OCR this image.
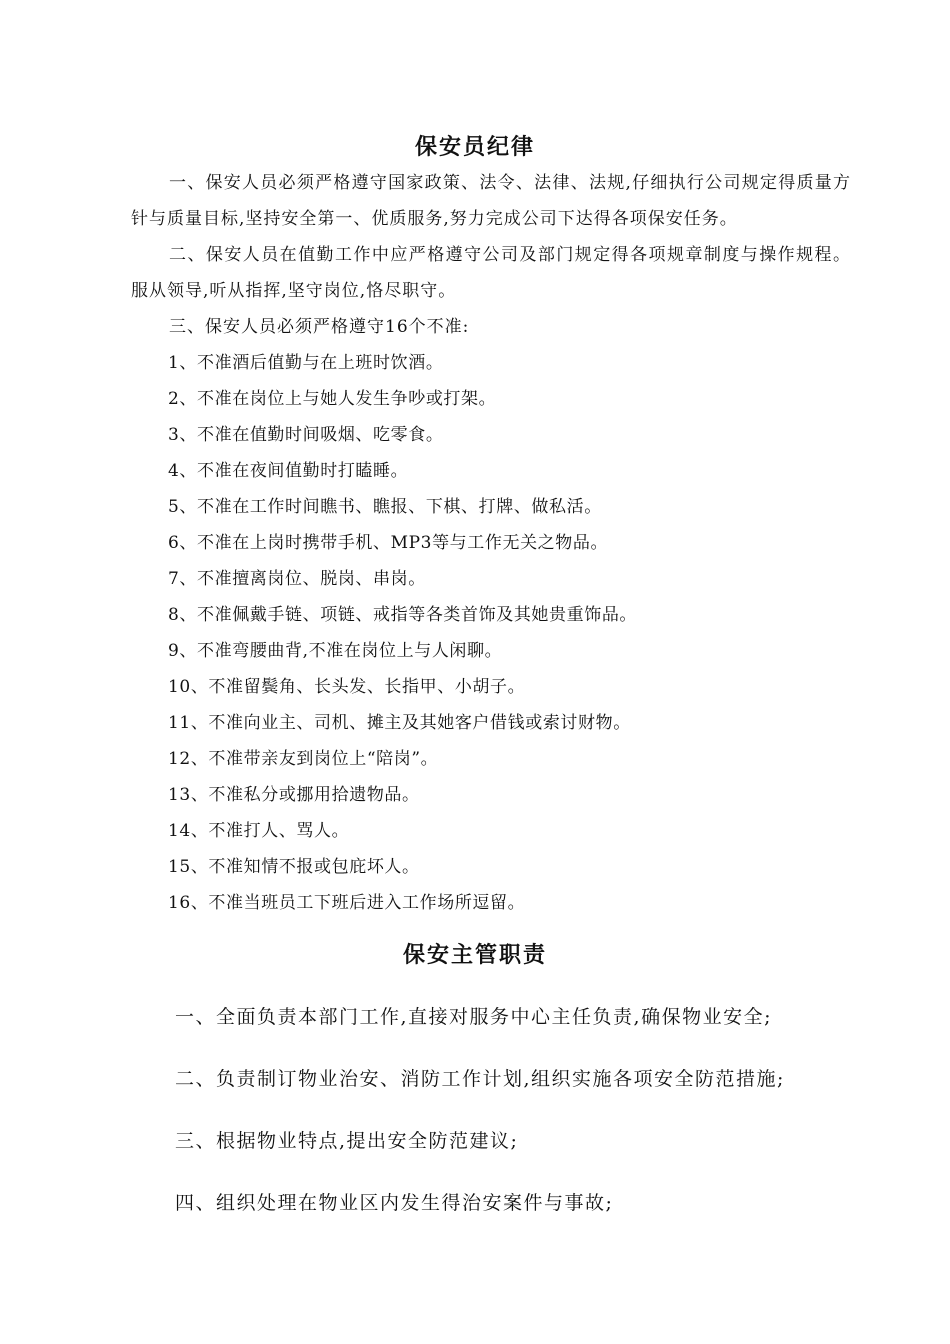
保安员纪律
一、保安人员必须严格遵守国家政策、法令、法律、法规,仔细执行公司规定得质量方针与质量目标,坚持安全第一、优质服务,努力完成公司下达得各项保安任务。
二、保安人员在值勤工作中应严格遵守公司及部门规定得各项规章制度与操作规程。服从领导,听从指挥,坚守岗位,恪尽职守。
三、保安人员必须严格遵守16个不准:
1、不准酒后值勤与在上班时饮酒。
2、不准在岗位上与她人发生争吵或打架。
3、不准在值勤时间吸烟、吃零食。
4、不准在夜间值勤时打瞌睡。
5、不准在工作时间瞧书、瞧报、下棋、打牌、做私活。
6、不准在上岗时携带手机、MP3等与工作无关之物品。
7、不准擅离岗位、脱岗、串岗。
8、不准佩戴手链、项链、戒指等各类首饰及其她贵重饰品。
9、不准弯腰曲背,不准在岗位上与人闲聊。
10、不准留鬓角、长头发、长指甲、小胡子。
11、不准向业主、司机、摊主及其她客户借钱或索讨财物。
12、不准带亲友到岗位上“陪岗”。
13、不准私分或挪用拾遗物品。
14、不准打人、骂人。
15、不准知情不报或包庇坏人。
16、不准当班员工下班后进入工作场所逗留。
保安主管职责
一、全面负责本部门工作,直接对服务中心主任负责,确保物业安全;
二、负责制订物业治安、消防工作计划,组织实施各项安全防范措施;
三、根据物业特点,提出安全防范建议;
四、组织处理在物业区内发生得治安案件与事故;
